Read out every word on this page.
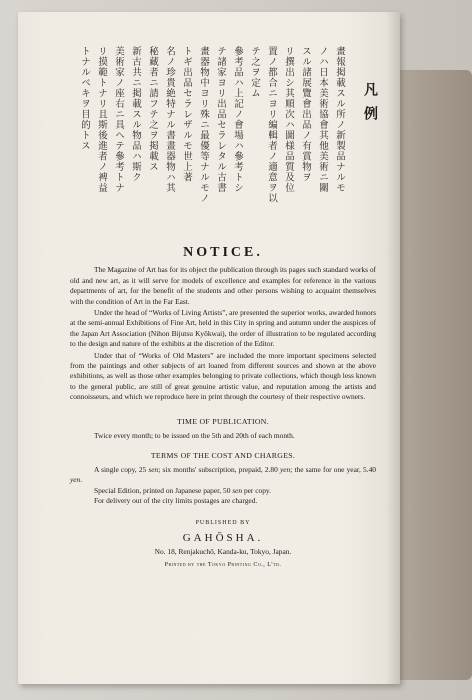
凡例
畫報掲載スル所ノ新製品ナルモ
ノハ日本美術協會其他美術ニ關
スル諸展覽會出品ノ有賞物ヲ
リ撰出シ其順次ハ圖様品質及位
置ノ都合ニヨリ編輯者ノ適意ヲ以
テ之ヲ定ム
參考品ハ上記ノ會場ハ參考トシ
テ諸家ヨリ出品セラレタル古書
畫器物中ヨリ殊ニ最優等ナルモノ
トギ出品セラレザルモ世上著
名ノ珍貴絶特ナル書畫器物ハ其
秘藏者ニ請フテ之ヲ掲載ス
新古共ニ掲載スル物品ハ斯ク
美術家ノ座右ニ具ヘテ參考トナ
リ摸範トナリ且斯後進者ノ裨益
トナルベキヲ目的トス
NOTICE.

The Magazine of Art has for its object the publication through its pages such standard works of old and new art, as it will serve for models of excellence and examples for reference in the various departments of art, for the benefit of the students and other persons wishing to acquaint themselves with the condition of Art in the Far East.

Under the head of “Works of Living Artists”, are presented the superior works, awarded honors at the semi-annual Exhibitions of Fine Art, held in this City in spring and autumn under the auspices of the Japan Art Association (Nihon Bijutsu Kyōkwai), the order of illustration to be regulated according to the design and nature of the exhibits at the discretion of the Editor.

Under that of “Works of Old Masters” are included the more important specimens selected from the paintings and other subjects of art loaned from different sources and shown at the above exhibitions, as well as those other examples belonging to private collections, which though less known to the general public, are still of great genuine artistic value, and reputation among the artists and connoisseurs, and which we reproduce here in print through the courtesy of their respective owners.

TIME OF PUBLICATION.

Twice every month; to be issued on the 5th and 20th of each month.

TERMS OF THE COST AND CHARGES.

A single copy, 25 sen; six months' subscription, prepaid, 2.80 yen; the same for one year, 5.40 yen.

Special Edition, printed on Japanese paper, 50 sen per copy.

For delivery out of the city limits postages are charged.

PUBLISHED BY
GAHŌSHA.
No. 18, Renjakuchō, Kanda-ku, Tokyo, Japan.
Printed by the Tokyo Printing Co., L'td.
